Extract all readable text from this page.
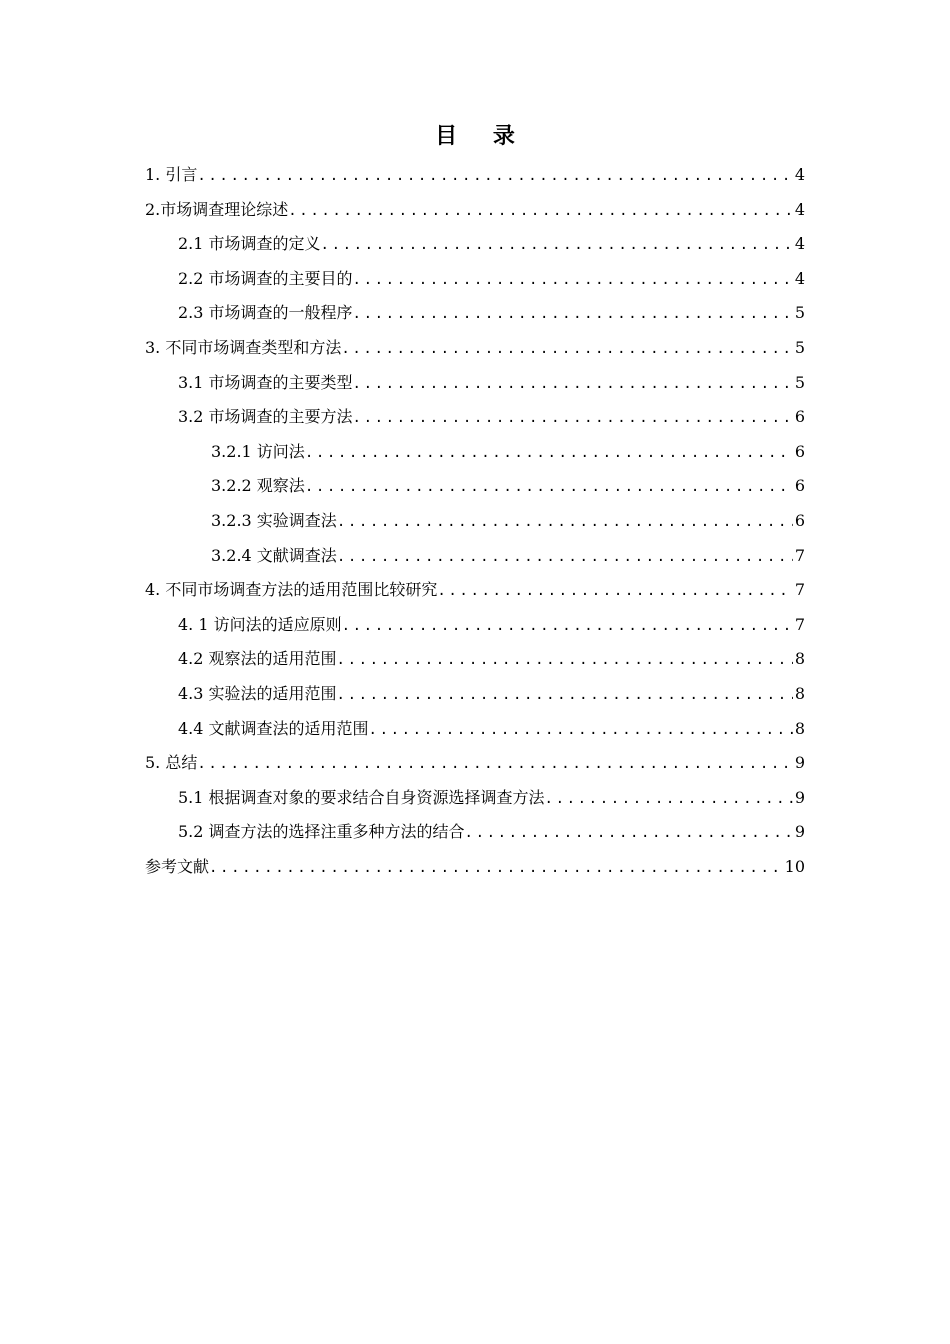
目 录
1. 引言 .....	4
2.市场调查理论综述 .....	4
2.1 市场调查的定义 .....	4
2.2 市场调查的主要目的 .....	4
2.3 市场调查的一般程序 .....	5
3. 不同市场调查类型和方法 .....	5
3.1 市场调查的主要类型 .....	5
3.2 市场调查的主要方法 .....	6
3.2.1 访问法 .....	6
3.2.2 观察法 .....	6
3.2.3 实验调查法 .....	6
3.2.4 文献调查法 .....	7
4. 不同市场调查方法的适用范围比较研究 .....	7
4. 1 访问法的适应原则 .....	7
4.2 观察法的适用范围 .....	8
4.3 实验法的适用范围 .....	8
4.4 文献调查法的适用范围 .....	8
5. 总结 .....	9
5.1 根据调查对象的要求结合自身资源选择调查方法 .....	9
5.2 调查方法的选择注重多种方法的结合 .....	9
参考文献 .....	10
